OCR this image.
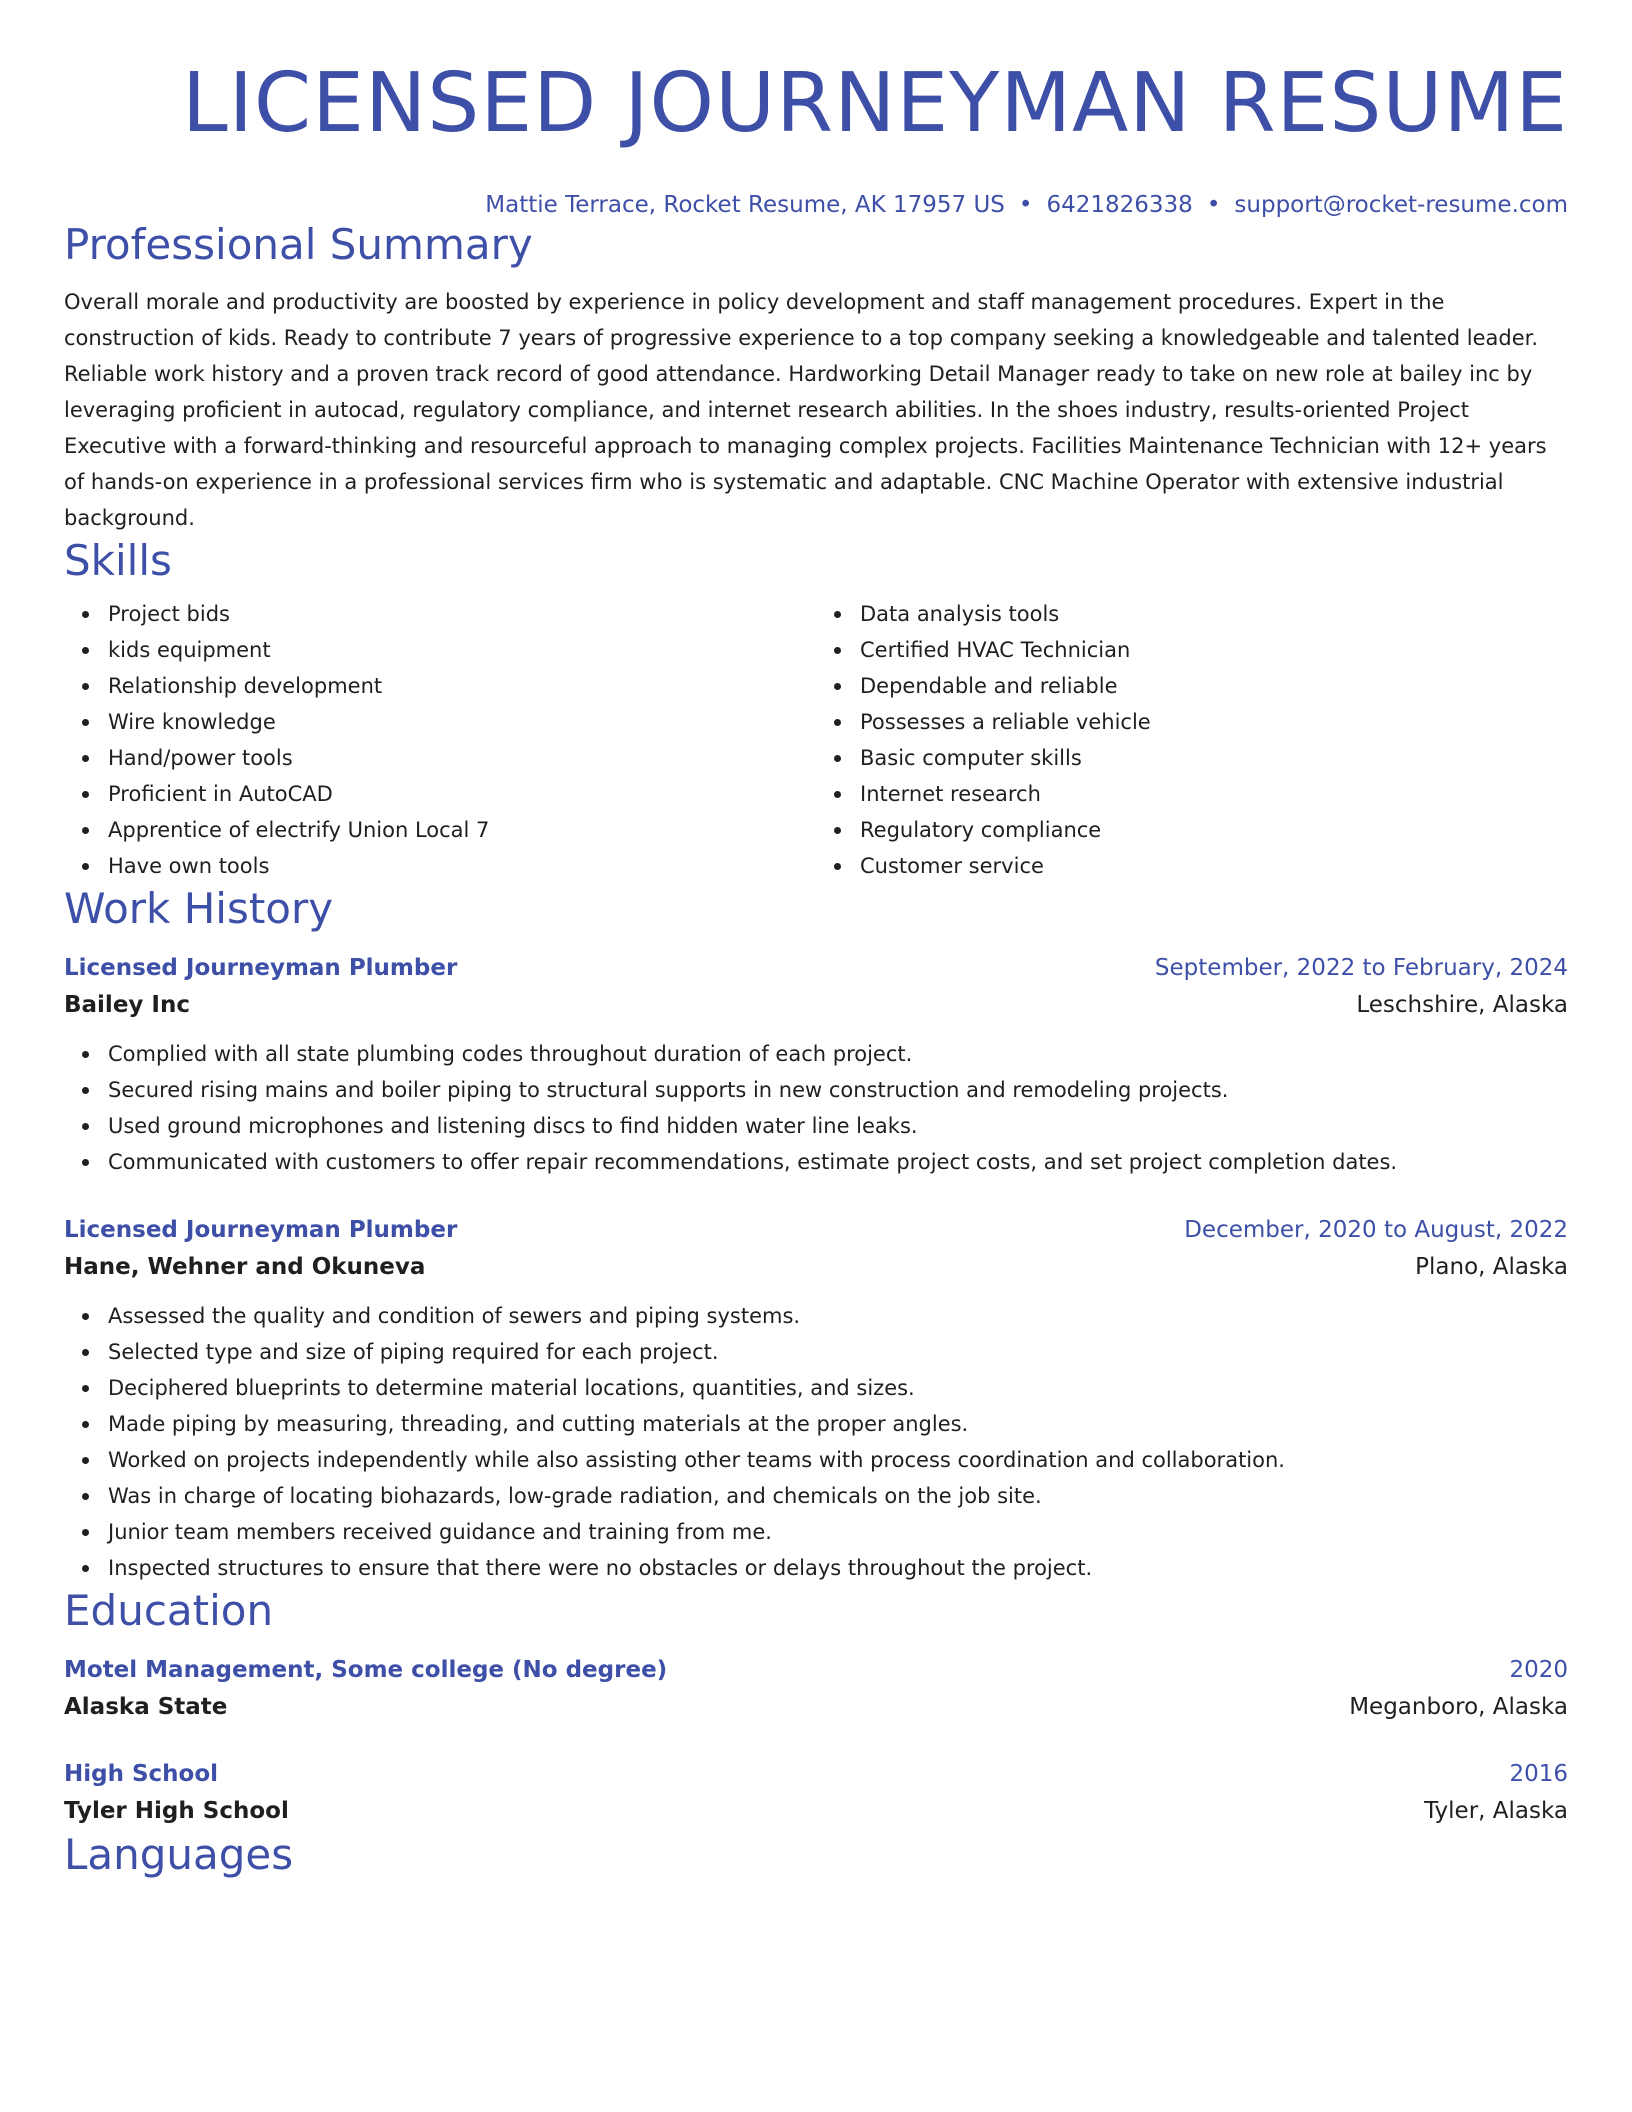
LICENSED JOURNEYMAN RESUME
Mattie Terrace, Rocket Resume, AK 17957 US • 6421826338 • support@rocket-resume.com
Professional Summary
Overall morale and productivity are boosted by experience in policy development and staff management procedures. Expert in the construction of kids. Ready to contribute 7 years of progressive experience to a top company seeking a knowledgeable and talented leader. Reliable work history and a proven track record of good attendance. Hardworking Detail Manager ready to take on new role at bailey inc by leveraging proficient in autocad, regulatory compliance, and internet research abilities. In the shoes industry, results-oriented Project Executive with a forward-thinking and resourceful approach to managing complex projects. Facilities Maintenance Technician with 12+ years of hands-on experience in a professional services firm who is systematic and adaptable. CNC Machine Operator with extensive industrial background.
Skills
Project bids
kids equipment
Relationship development
Wire knowledge
Hand/power tools
Proficient in AutoCAD
Apprentice of electrify Union Local 7
Have own tools
Data analysis tools
Certified HVAC Technician
Dependable and reliable
Possesses a reliable vehicle
Basic computer skills
Internet research
Regulatory compliance
Customer service
Work History
Licensed Journeyman Plumber	September, 2022 to February, 2024
Bailey Inc	Leschshire, Alaska
Complied with all state plumbing codes throughout duration of each project.
Secured rising mains and boiler piping to structural supports in new construction and remodeling projects.
Used ground microphones and listening discs to find hidden water line leaks.
Communicated with customers to offer repair recommendations, estimate project costs, and set project completion dates.
Licensed Journeyman Plumber	December, 2020 to August, 2022
Hane, Wehner and Okuneva	Plano, Alaska
Assessed the quality and condition of sewers and piping systems.
Selected type and size of piping required for each project.
Deciphered blueprints to determine material locations, quantities, and sizes.
Made piping by measuring, threading, and cutting materials at the proper angles.
Worked on projects independently while also assisting other teams with process coordination and collaboration.
Was in charge of locating biohazards, low-grade radiation, and chemicals on the job site.
Junior team members received guidance and training from me.
Inspected structures to ensure that there were no obstacles or delays throughout the project.
Education
Motel Management, Some college (No degree)	2020
Alaska State	Meganboro, Alaska
High School	2016
Tyler High School	Tyler, Alaska
Languages
